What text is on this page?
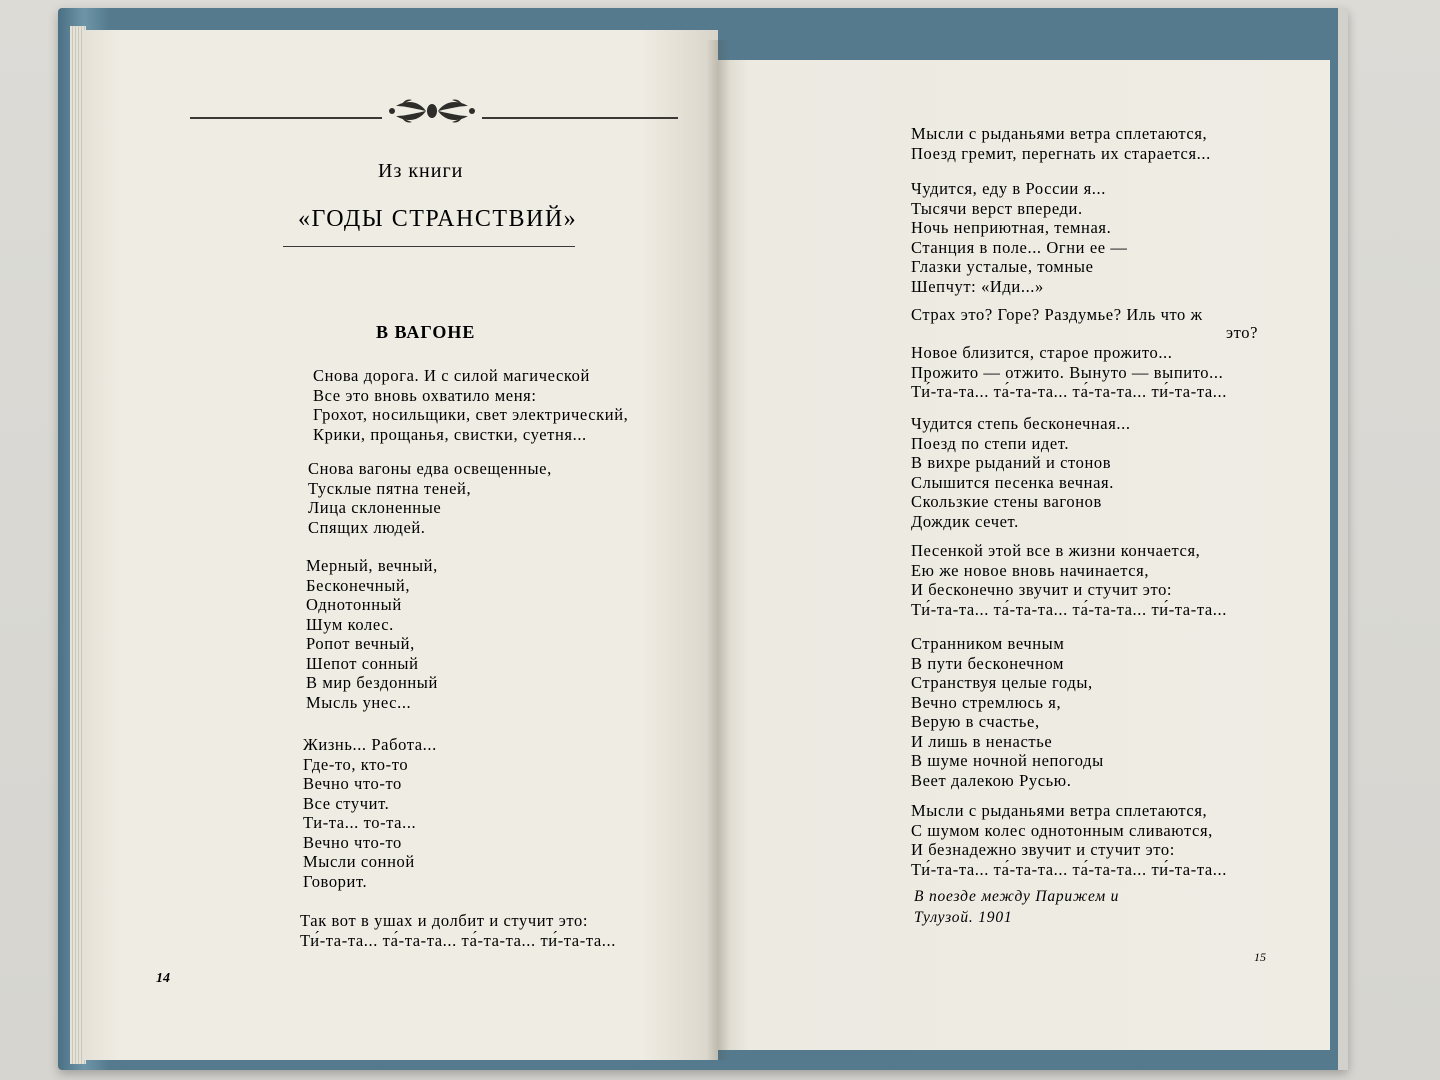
Из книги
«ГОДЫ СТРАНСТВИЙ»
В ВАГОНЕ
Снова дорога. И с силой магической
Все это вновь охватило меня:
Грохот, носильщики, свет электрический,
Крики, прощанья, свистки, суетня...
Снова вагоны едва освещенные,
Тусклые пятна теней,
Лица склоненные
Спящих людей.
Мерный, вечный,
Бесконечный,
Однотонный
Шум колес.
Ропот вечный,
Шепот сонный
В мир бездонный
Мысль унес...
Жизнь... Работа...
Где-то, кто-то
Вечно что-то
Все стучит.
Ти-та... то-та...
Вечно что-то
Мысли сонной
Говорит.
Так вот в ушах и долбит и стучит это:
Ти́-та-та... та́-та-та... та́-та-та... ти́-та-та...
14
Мысли с рыданьями ветра сплетаются,
Поезд гремит, перегнать их старается...
Чудится, еду в России я...
Тысячи верст впереди.
Ночь неприютная, темная.
Станция в поле... Огни ее —
Глазки усталые, томные
Шепчут: «Иди...»
Страх это? Горе? Раздумье? Иль что ж
это?
Новое близится, старое прожито...
Прожито — отжито. Вынуто — выпито...
Ти́-та-та... та́-та-та... та́-та-та... ти́-та-та...
Чудится степь бесконечная...
Поезд по степи идет.
В вихре рыданий и стонов
Слышится песенка вечная.
Скользкие стены вагонов
Дождик сечет.
Песенкой этой все в жизни кончается,
Ею же новое вновь начинается,
И бесконечно звучит и стучит это:
Ти́-та-та... та́-та-та... та́-та-та... ти́-та-та...
Странником вечным
В пути бесконечном
Странствуя целые годы,
Вечно стремлюсь я,
Верую в счастье,
И лишь в ненастье
В шуме ночной непогоды
Веет далекою Русью.
Мысли с рыданьями ветра сплетаются,
С шумом колес однотонным сливаются,
И безнадежно звучит и стучит это:
Ти́-та-та... та́-та-та... та́-та-та... ти́-та-та...
В поезде между Парижем и
Тулузой. 1901
15
